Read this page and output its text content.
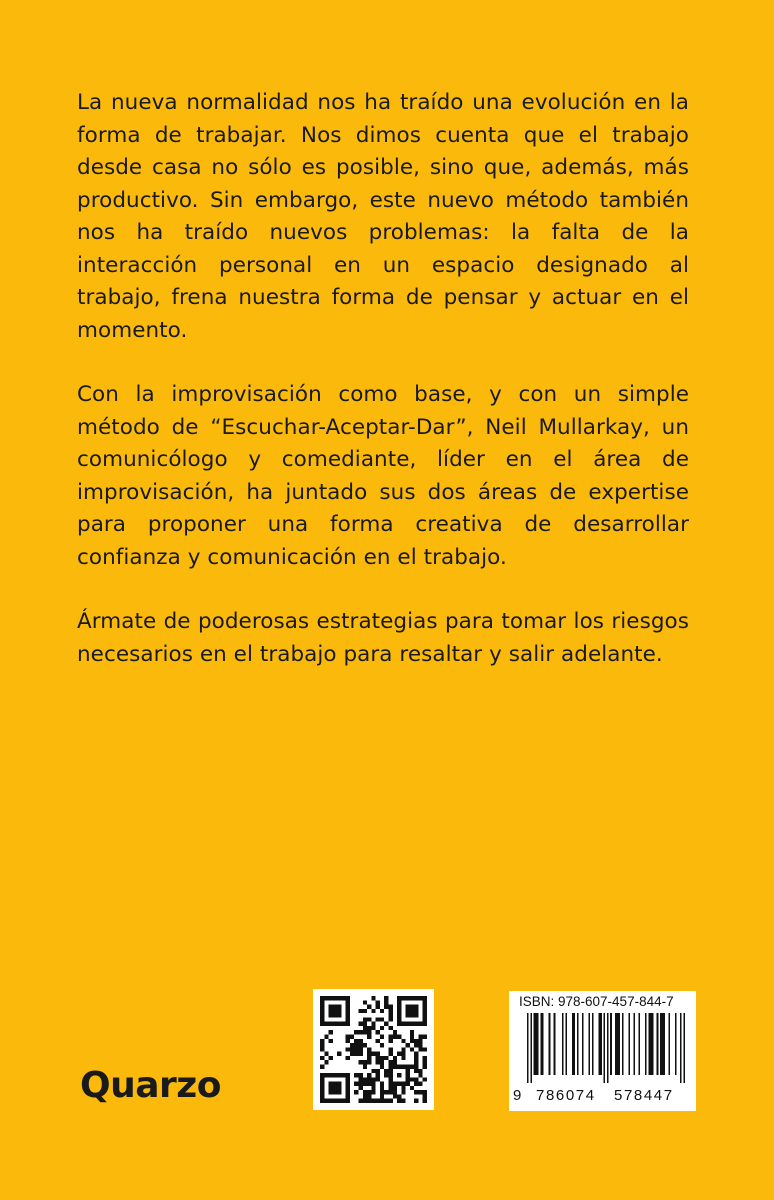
La nueva normalidad nos ha traído una evolución en la forma de trabajar. Nos dimos cuenta que el trabajo desde casa no sólo es posible, sino que, además, más productivo. Sin embargo, este nuevo método también nos ha traído nuevos problemas: la falta de la interacción personal en un espacio designado al trabajo, frena nuestra forma de pensar y actuar en el momento.

Con la improvisación como base, y con un simple método de “Escuchar-Aceptar-Dar”, Neil Mullarkay, un comunicólogo y comediante, líder en el área de improvisación, ha juntado sus dos áreas de expertise para proponer una forma creativa de desarrollar confianza y comunicación en el trabajo.

Ármate de poderosas estrategias para tomar los riesgos necesarios en el trabajo para resaltar y salir adelante.

Quarzo
ISBN: 978-607-457-844-7
9 786074 578447
